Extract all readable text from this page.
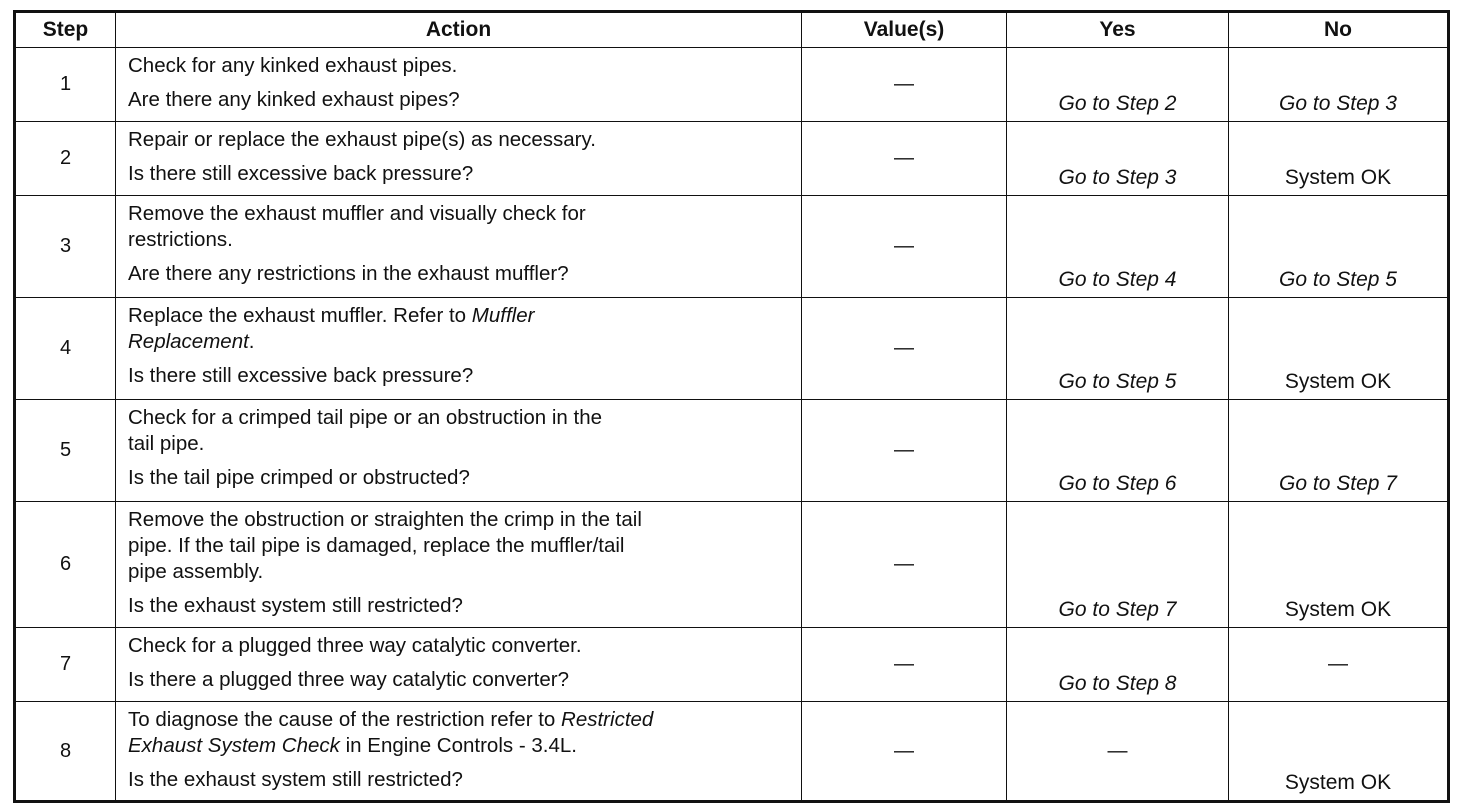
Step	Action	Value(s)	Yes	No
1	Check for any kinked exhaust pipes.
Are there any kinked exhaust pipes?	—	Go to Step 2	Go to Step 3
2	Repair or replace the exhaust pipe(s) as necessary.
Is there still excessive back pressure?	—	Go to Step 3	System OK
3	Remove the exhaust muffler and visually check for
restrictions.
Are there any restrictions in the exhaust muffler?	—	Go to Step 4	Go to Step 5
4	Replace the exhaust muffler. Refer to Muffler
Replacement.
Is there still excessive back pressure?	—	Go to Step 5	System OK
5	Check for a crimped tail pipe or an obstruction in the
tail pipe.
Is the tail pipe crimped or obstructed?	—	Go to Step 6	Go to Step 7
6	Remove the obstruction or straighten the crimp in the tail
pipe. If the tail pipe is damaged, replace the muffler/tail
pipe assembly.
Is the exhaust system still restricted?	—	Go to Step 7	System OK
7	Check for a plugged three way catalytic converter.
Is there a plugged three way catalytic converter?	—	Go to Step 8	—
8	To diagnose the cause of the restriction refer to Restricted
Exhaust System Check in Engine Controls - 3.4L.
Is the exhaust system still restricted?	—	—	System OK
